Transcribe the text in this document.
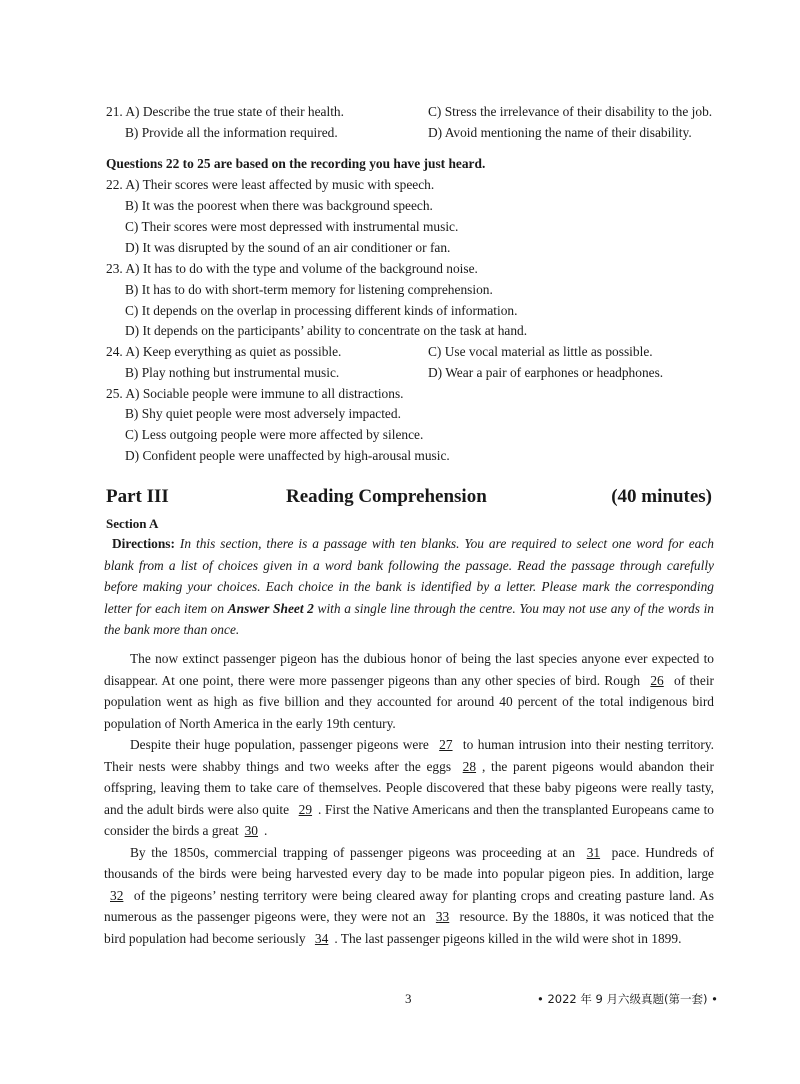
21. A) Describe the true state of their health.	C) Stress the irrelevance of their disability to the job.
B) Provide all the information required.	D) Avoid mentioning the name of their disability.
Questions 22 to 25 are based on the recording you have just heard.
22. A) Their scores were least affected by music with speech.
B) It was the poorest when there was background speech.
C) Their scores were most depressed with instrumental music.
D) It was disrupted by the sound of an air conditioner or fan.
23. A) It has to do with the type and volume of the background noise.
B) It has to do with short-term memory for listening comprehension.
C) It depends on the overlap in processing different kinds of information.
D) It depends on the participants’ ability to concentrate on the task at hand.
24. A) Keep everything as quiet as possible.	C) Use vocal material as little as possible.
B) Play nothing but instrumental music.	D) Wear a pair of earphones or headphones.
25. A) Sociable people were immune to all distractions.
B) Shy quiet people were most adversely impacted.
C) Less outgoing people were more affected by silence.
D) Confident people were unaffected by high-arousal music.
Part III	Reading Comprehension	(40 minutes)
Section A

Directions: In this section, there is a passage with ten blanks. You are required to select one word for each blank from a list of choices given in a word bank following the passage. Read the passage through carefully before making your choices. Each choice in the bank is identified by a letter. Please mark the corresponding letter for each item on Answer Sheet 2 with a single line through the centre. You may not use any of the words in the bank more than once.

The now extinct passenger pigeon has the dubious honor of being the last species anyone ever expected to disappear. At one point, there were more passenger pigeons than any other species of bird. Rough 26 of their population went as high as five billion and they accounted for around 40 percent of the total indigenous bird population of North America in the early 19th century.

Despite their huge population, passenger pigeons were 27 to human intrusion into their nesting territory. Their nests were shabby things and two weeks after the eggs 28 , the parent pigeons would abandon their offspring, leaving them to take care of themselves. People discovered that these baby pigeons were really tasty, and the adult birds were also quite 29 . First the Native Americans and then the transplanted Europeans came to consider the birds a great 30 .

By the 1850s, commercial trapping of passenger pigeons was proceeding at an 31 pace. Hundreds of thousands of the birds were being harvested every day to be made into popular pigeon pies. In addition, large 32 of the pigeons’ nesting territory were being cleared away for planting crops and creating pasture land. As numerous as the passenger pigeons were, they were not an 33 resource. By the 1880s, it was noticed that the bird population had become seriously 34 . The last passenger pigeons killed in the wild were shot in 1899.

3	• 2022 年 9 月六级真题(第一套) •
